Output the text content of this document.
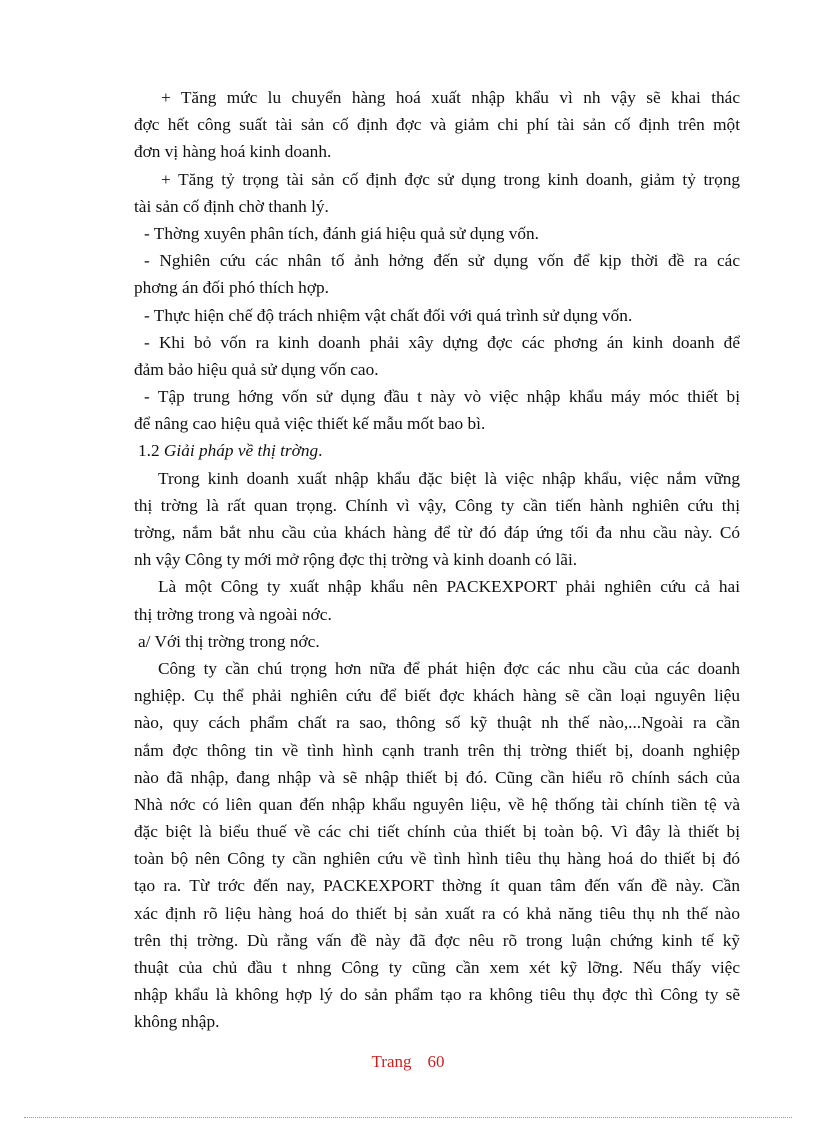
+ Tăng mức lu chuyển hàng hoá xuất nhập khẩu vì nh vậy sẽ khai thác
đợc hết công suất tài sản cố định đợc và giảm chi phí tài sản cố định trên một
đơn vị hàng hoá kinh doanh.
+ Tăng tỷ trọng tài sản cố định đợc sử dụng trong kinh doanh, giảm tỷ trọng
tài sản cố định chờ thanh lý.
- Thờng xuyên phân tích, đánh giá hiệu quả sử dụng vốn.
- Nghiên cứu các nhân tố ảnh hởng đến sử dụng vốn để kịp thời đề ra các
phơng án đối phó thích hợp.
- Thực hiện chế độ trách nhiệm vật chất đối với quá trình sử dụng vốn.
- Khi bỏ vốn ra kinh doanh phải xây dựng đợc các phơng án kinh doanh để
đảm bảo hiệu quả sử dụng vốn cao.
- Tập trung hớng vốn sử dụng đầu t này vò việc nhập khẩu máy móc thiết bị
để nâng cao hiệu quả việc thiết kế mẫu mốt bao bì.
1.2 Giải pháp về thị trờng.
Trong kinh doanh xuất nhập khẩu đặc biệt là việc nhập khẩu, việc nắm vững
thị trờng là rất quan trọng. Chính vì vậy, Công ty cần tiến hành nghiên cứu thị
trờng, nắm bắt nhu cầu của khách hàng để từ đó đáp ứng tối đa nhu cầu này. Có
nh vậy Công ty mới mở rộng đợc thị trờng và kinh doanh có lãi.
Là một Công ty xuất nhập khẩu nên PACKEXPORT phải nghiên cứu cả hai
thị trờng trong và ngoài nớc.
a/ Với thị trờng trong nớc.
Công ty cần chú trọng hơn nữa để phát hiện đợc các nhu cầu của các doanh
nghiệp. Cụ thể phải nghiên cứu để biết đợc khách hàng sẽ cần loại nguyên liệu
nào, quy cách phẩm chất ra sao, thông số kỹ thuật nh thế nào,...Ngoài ra cần
nắm đợc thông tin về tình hình cạnh tranh trên thị trờng thiết bị, doanh nghiệp
nào đã nhập, đang nhập và sẽ nhập thiết bị đó. Cũng cần hiểu rõ chính sách của
Nhà nớc có liên quan đến nhập khẩu nguyên liệu, về hệ thống tài chính tiền tệ và
đặc biệt là biểu thuế về các chi tiết chính của thiết bị toàn bộ. Vì đây là thiết bị
toàn bộ nên Công ty cần nghiên cứu về tình hình tiêu thụ hàng hoá do thiết bị đó
tạo ra. Từ trớc đến nay, PACKEXPORT thờng ít quan tâm đến vấn đề này. Cần
xác định rõ liệu hàng hoá do thiết bị sản xuất ra có khả năng tiêu thụ nh thế nào
trên thị trờng. Dù rằng vấn đề này đã đợc nêu rõ trong luận chứng kinh tế kỹ
thuật của chủ đầu t nhng Công ty cũng cần xem xét kỹ lỡng. Nếu thấy việc
nhập khẩu là không hợp lý do sản phẩm tạo ra không tiêu thụ đợc thì Công ty sẽ
không nhập.
Trang 60
